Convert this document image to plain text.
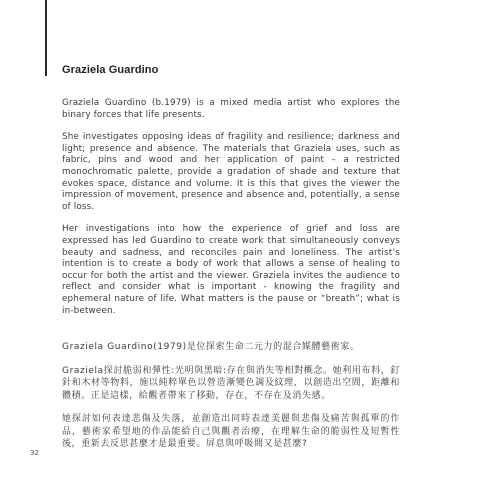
Graziela Guardino

Graziela Guardino (b.1979) is a mixed media artist who explores the binary forces that life presents.

She investigates opposing ideas of fragility and resilience; darkness and light; presence and absence. The materials that Graziela uses, such as fabric, pins and wood and her application of paint – a restricted monochromatic palette, provide a gradation of shade and texture that evokes space, distance and volume. It is this that gives the viewer the impression of movement, presence and absence and, potentially, a sense of loss.

Her investigations into how the experience of grief and loss are expressed has led Guardino to create work that simultaneously conveys beauty and sadness, and reconciles pain and loneliness. The artist’s intention is to create a body of work that allows a sense of healing to occur for both the artist and the viewer. Graziela invites the audience to reflect and consider what is important - knowing the fragility and ephemeral nature of life. What matters is the pause or “breath”; what is in-between.

Graziela Guardino(1979)是位探索生命二元力的混合媒體藝術家。

Graziela探討脆弱和彈性:光明與黑暗:存在與消失等相對概念。她利用布料，釘針和木材等物料，施以純粹單色以營造漸變色調及紋理，以創造出空間，距離和體積。正是這樣，給觀者帶來了移動，存在，不存在及消失感。

她探討如何表達悲傷及失落，並創造出同時表達美麗與悲傷及痛苦與孤單的作品，藝術家希望地的作品能給自己與觀者治療，在理解生命的脆弱性及短暫性後，重新去反思甚麼才是最重要。屏息與呼吸間又是甚麼?

32
